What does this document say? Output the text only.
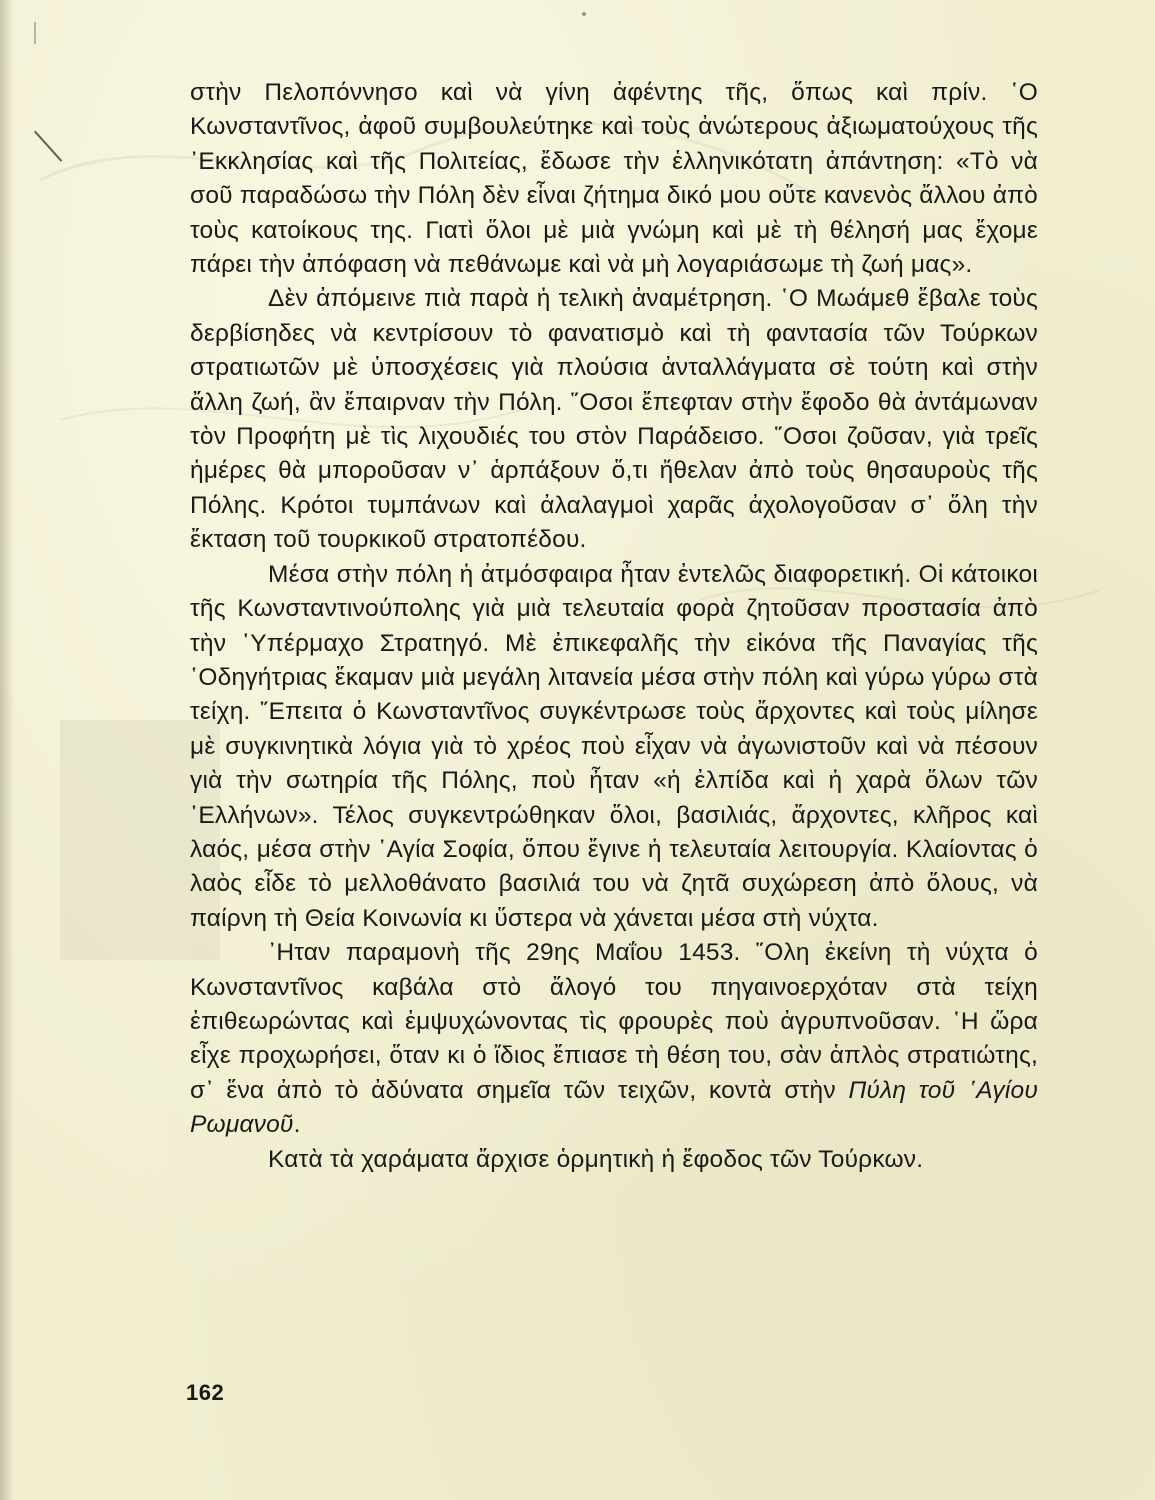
στὴν Πελοπόννησο καὶ νὰ γίνη ἀφέντης τῆς, ὅπως καὶ πρίν. ῾Ο Κωνσταντῖνος, ἀφοῦ συμβουλεύτηκε καὶ τοὺς ἀνώτερους ἀξιωματούχους τῆς ᾿Εκκλησίας καὶ τῆς Πολιτείας, ἔδωσε τὴν ἑλληνικότατη ἀπάντηση: «Τὸ νὰ σοῦ παραδώσω τὴν Πόλη δὲν εἶναι ζήτημα δικό μου οὔτε κανενὸς ἄλλου ἀπὸ τοὺς κατοίκους της. Γιατὶ ὅλοι μὲ μιὰ γνώμη καὶ μὲ τὴ θέλησή μας ἔχομε πάρει τὴν ἀπόφαση νὰ πεθάνωμε καὶ νὰ μὴ λογαριάσωμε τὴ ζωή μας».

Δὲν ἀπόμεινε πιὰ παρὰ ἡ τελικὴ ἀναμέτρηση. ῾Ο Μωάμεθ ἔβαλε τοὺς δερβίσηδες νὰ κεντρίσουν τὸ φανατισμὸ καὶ τὴ φαντασία τῶν Τούρκων στρατιωτῶν μὲ ὑποσχέσεις γιὰ πλούσια ἀνταλλάγματα σὲ τούτη καὶ στὴν ἄλλη ζωή, ἂν ἔπαιρναν τὴν Πόλη. ῞Οσοι ἔπεφταν στὴν ἔφοδο θὰ ἀντάμωναν τὸν Προφήτη μὲ τὶς λιχουδιές του στὸν Παράδεισο. ῞Οσοι ζοῦσαν, γιὰ τρεῖς ἡμέρες θὰ μποροῦσαν ν᾿ ἁρπάξουν ὅ,τι ἤθελαν ἀπὸ τοὺς θησαυροὺς τῆς Πόλης. Κρότοι τυμπάνων καὶ ἀλαλαγμοὶ χαρᾶς ἀχολογοῦσαν σ᾿ ὅλη τὴν ἔκταση τοῦ τουρκικοῦ στρατοπέδου.

Μέσα στὴν πόλη ἡ ἀτμόσφαιρα ἦταν ἐντελῶς διαφορετική. Οἱ κάτοικοι τῆς Κωνσταντινούπολης γιὰ μιὰ τελευταία φορὰ ζητοῦσαν προστασία ἀπὸ τὴν ῾Υπέρμαχο Στρατηγό. Μὲ ἐπικεφαλῆς τὴν εἰκόνα τῆς Παναγίας τῆς ῾Οδηγήτριας ἔκαμαν μιὰ μεγάλη λιτανεία μέσα στὴν πόλη καὶ γύρω γύρω στὰ τείχη. ῎Επειτα ὁ Κωνσταντῖνος συγκέντρωσε τοὺς ἄρχοντες καὶ τοὺς μίλησε μὲ συγκινητικὰ λόγια γιὰ τὸ χρέος ποὺ εἶχαν νὰ ἀγωνιστοῦν καὶ νὰ πέσουν γιὰ τὴν σωτηρία τῆς Πόλης, ποὺ ἦταν «ἡ ἐλπίδα καὶ ἡ χαρὰ ὅλων τῶν ῾Ελλήνων». Τέλος συγκεντρώθηκαν ὅλοι, βασιλιάς, ἄρχοντες, κλῆρος καὶ λαός, μέσα στὴν ῾Αγία Σοφία, ὅπου ἔγινε ἡ τελευταία λειτουργία. Κλαίοντας ὁ λαὸς εἶδε τὸ μελλοθάνατο βασιλιά του νὰ ζητᾶ συχώρεση ἀπὸ ὅλους, νὰ παίρνη τὴ Θεία Κοινωνία κι ὕστερα νὰ χάνεται μέσα στὴ νύχτα.

᾿Ηταν παραμονὴ τῆς 29ης Μαΐου 1453. ῞Ολη ἐκείνη τὴ νύχτα ὁ Κωνσταντῖνος καβάλα στὸ ἄλογό του πηγαινοερχόταν στὰ τείχη ἐπιθεωρώντας καὶ ἐμψυχώνοντας τὶς φρουρὲς ποὺ ἀγρυπνοῦσαν. ῾Η ὥρα εἶχε προχωρήσει, ὅταν κι ὁ ἴδιος ἔπιασε τὴ θέση του, σὰν ἁπλὸς στρατιώτης, σ᾿ ἕνα ἀπὸ τὸ ἀδύνατα σημεῖα τῶν τειχῶν, κοντὰ στὴν Πύλη τοῦ ῾Αγίου Ρωμανοῦ.

Κατὰ τὰ χαράματα ἄρχισε ὁρμητικὴ ἡ ἔφοδος τῶν Τούρκων.

162
